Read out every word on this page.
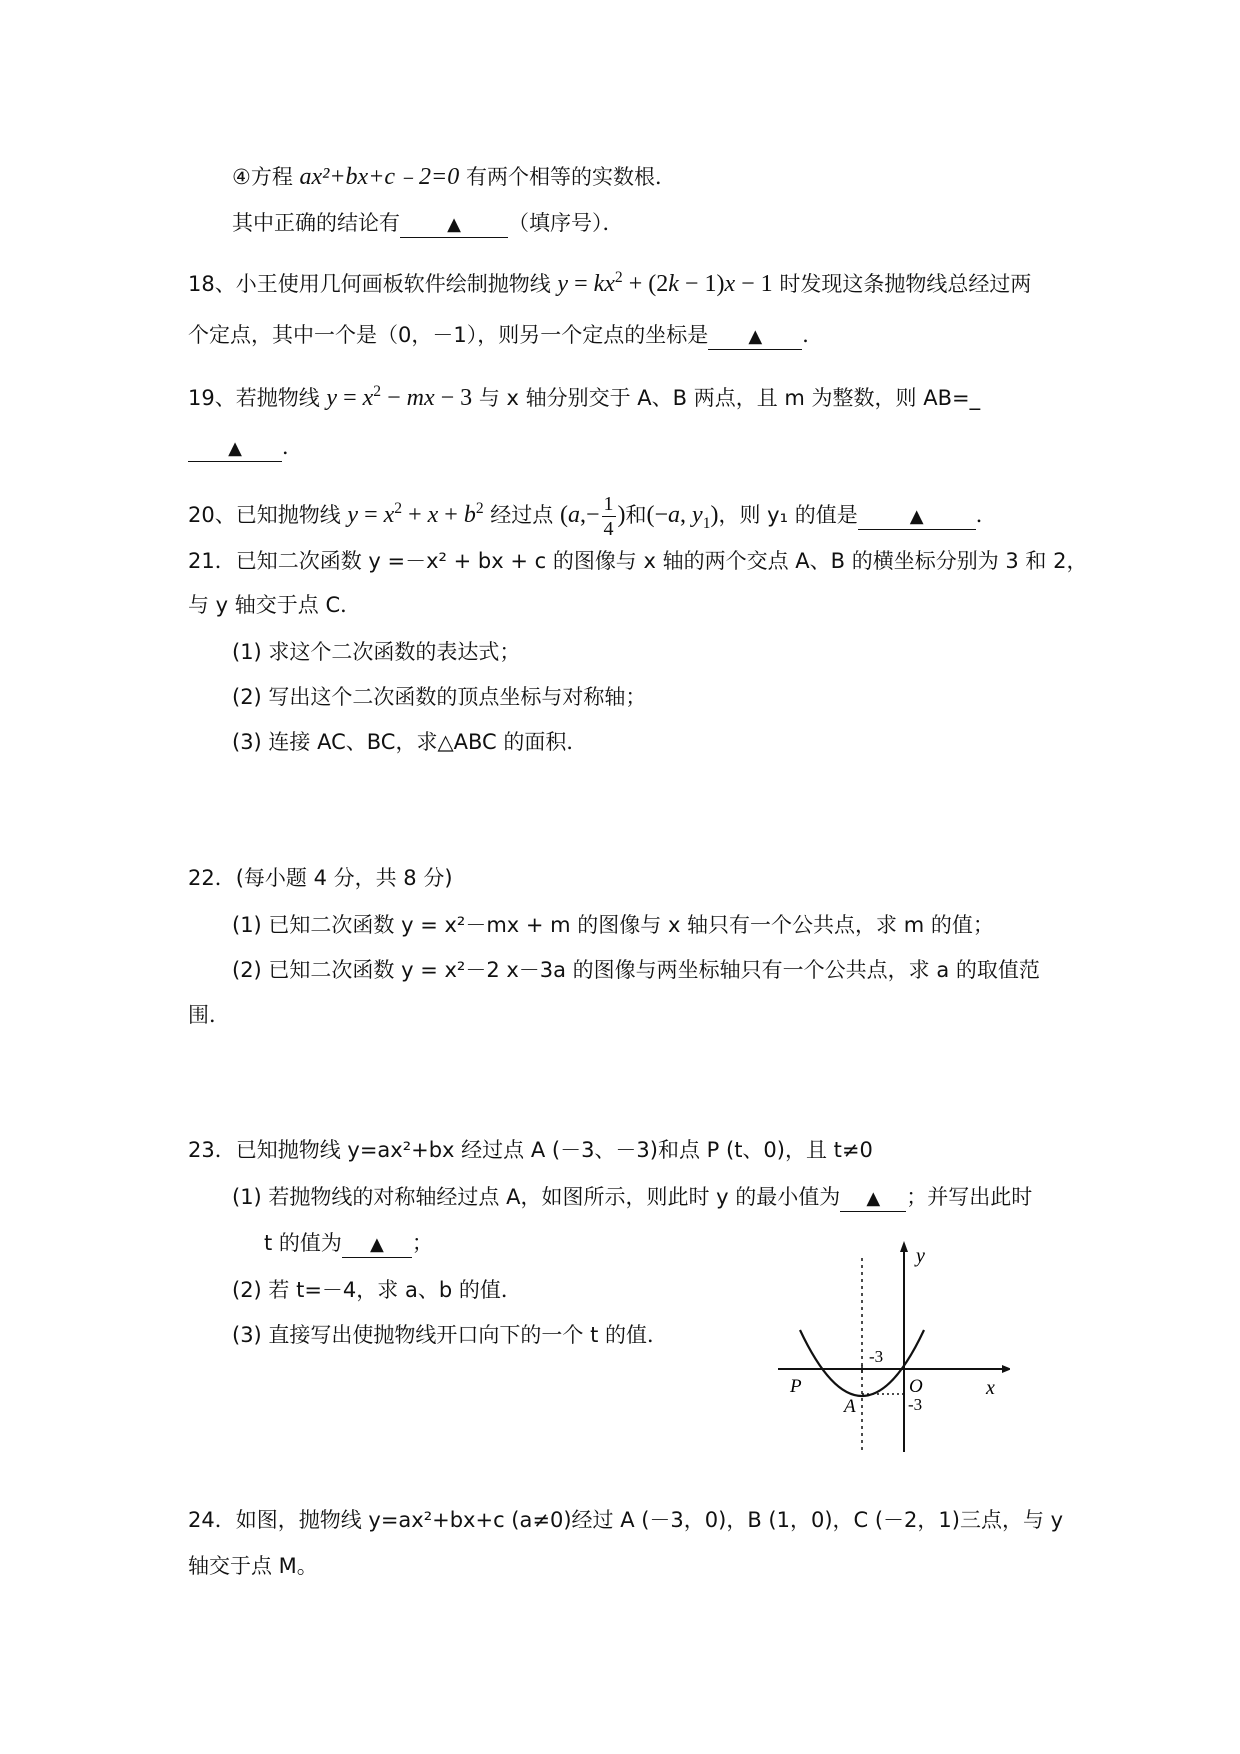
④方程 ax²+bx+c﹣2=0 有两个相等的实数根．
其中正确的结论有	▲ （填序号）．
18、小王使用几何画板软件绘制抛物线 $y = kx^2 + (2k - 1)x - 1$ 时发现这条抛物线总经过两
个定点，其中一个是（0，－1），则另一个定点的坐标是 ▲ ．
19、若抛物线 $y = x^2$ − mx − 3 与 x 轴分别交于 A、B 两点，且 m 为整数，则 AB=_
▲ ．
20、已知抛物线 $y = x^2 + x + b^2$ 经过点 ($a,- \frac{1}{4}$ )和(−a, $y_1$)，则 y₁ 的值是	▲ ．
21．已知二次函数 y =－x² + bx + c 的图像与 x 轴的两个交点 A、B 的横坐标分别为 3 和 2，
与 y 轴交于点 C．
(1) 求这个二次函数的表达式；
(2) 写出这个二次函数的顶点坐标与对称轴；
(3) 连接 AC、BC，求△ABC 的面积．
22．(每小题 4 分，共 8 分)
(1) 已知二次函数 y = x²－mx + m 的图像与 x 轴只有一个公共点，求 m 的值；
(2) 已知二次函数 y = x²－2 x－3a 的图像与两坐标轴只有一个公共点，求 a 的取值范
围．
23．已知抛物线 y=ax²+bx 经过点 A (－3、－3)和点 P (t、0)，且 t≠0
(1) 若抛物线的对称轴经过点 A，如图所示，则此时 y 的最小值为 ▲ ；并写出此时
t 的值为 ▲ ；
(2) 若 t=－4，求 a、b 的值．
(3) 直接写出使抛物线开口向下的一个 t 的值．
y
x
O
P
A
-3
-3
24．如图，抛物线 y=ax²+bx+c (a≠0)经过 A (－3，0)，B (1，0)，C (－2，1)三点，与 y
轴交于点 M。
